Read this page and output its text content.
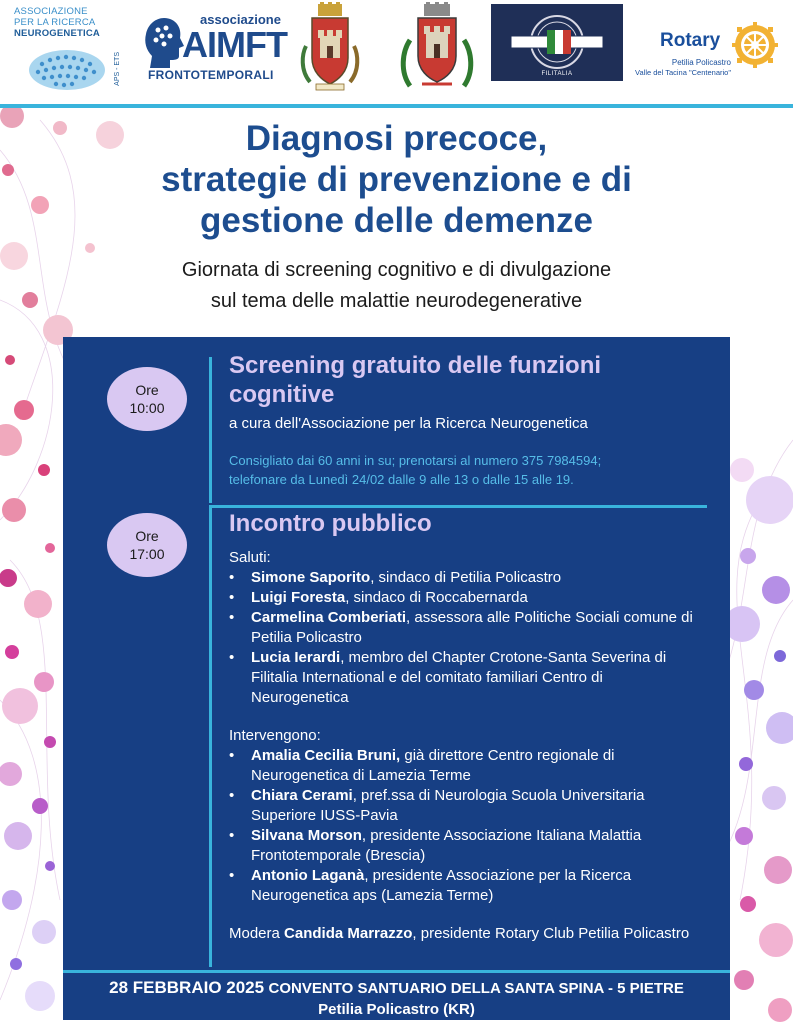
ASSOCIAZIONE
PER LA RICERCA
NEUROGENETICA
APS - ETS
associazione
AIMFT
FRONTOTEMPORALI	FILITALIA
Rotary
Petilia Policastro
Valle del Tacina "Centenario"
Diagnosi precoce,
strategie di prevenzione e di
gestione delle demenze

Giornata di screening cognitivo e di divulgazione
sul tema delle malattie neurodegenerative

Ore
10:00
Screening gratuito delle funzioni cognitive
a cura dell'Associazione per la Ricerca Neurogenetica
Consigliato dai 60 anni in su; prenotarsi al numero 375 7984594;
telefonare da Lunedì 24/02 dalle 9 alle 13 o dalle 15 alle 19.
Ore
17:00
Incontro pubblico
Saluti:
• Simone Saporito, sindaco di Petilia Policastro
• Luigi Foresta, sindaco di Roccabernarda
• Carmelina Comberiati, assessora alle Politiche Sociali comune di Petilia Policastro
• Lucia Ierardi, membro del Chapter Crotone-Santa Severina di Filitalia International e del comitato familiari Centro di Neurogenetica
Intervengono:
• Amalia Cecilia Bruni, già direttore Centro regionale di Neurogenetica di Lamezia Terme
• Chiara Cerami, pref.ssa di Neurologia Scuola Universitaria Superiore IUSS-Pavia
• Silvana Morson, presidente Associazione Italiana Malattia Frontotemporale (Brescia)
• Antonio Laganà, presidente Associazione per la Ricerca Neurogenetica aps (Lamezia Terme)
Modera Candida Marrazzo, presidente Rotary Club Petilia Policastro
28 FEBBRAIO 2025 CONVENTO SANTUARIO DELLA SANTA SPINA - 5 PIETRE
Petilia Policastro (KR)
